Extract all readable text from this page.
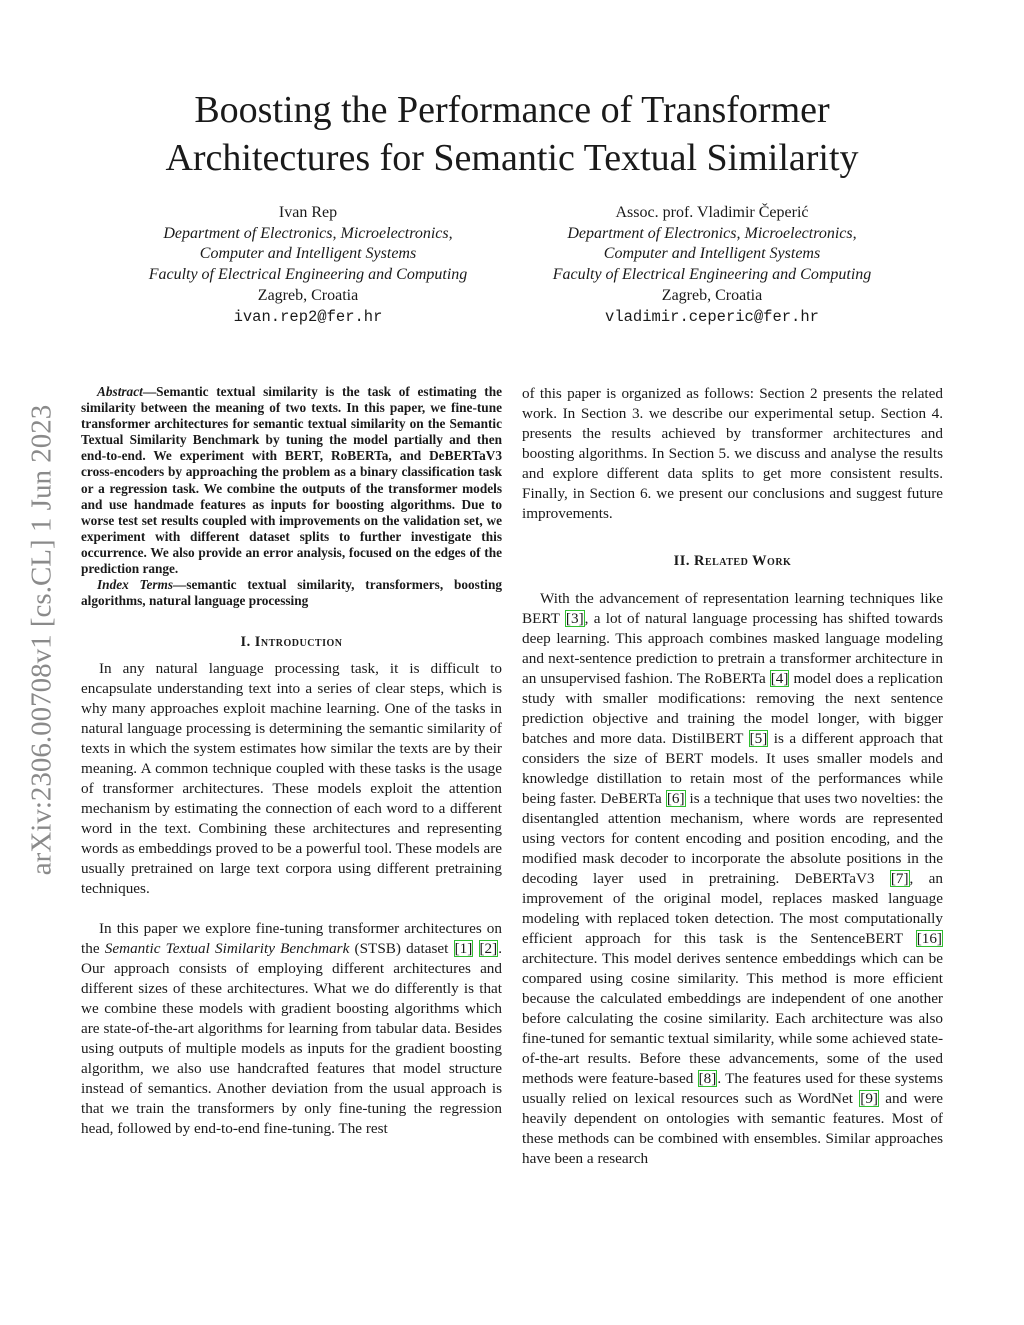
arXiv:2306.00708v1 [cs.CL] 1 Jun 2023
Boosting the Performance of Transformer
Architectures for Semantic Textual Similarity
Ivan Rep
Department of Electronics, Microelectronics,
Computer and Intelligent Systems
Faculty of Electrical Engineering and Computing
Zagreb, Croatia
ivan.rep2@fer.hr
Assoc. prof. Vladimir Čeperić
Department of Electronics, Microelectronics,
Computer and Intelligent Systems
Faculty of Electrical Engineering and Computing
Zagreb, Croatia
vladimir.ceperic@fer.hr

Abstract—Semantic textual similarity is the task of estimating the similarity between the meaning of two texts. In this paper, we fine-tune transformer architectures for semantic textual similarity on the Semantic Textual Similarity Benchmark by tuning the model partially and then end-to-end. We experiment with BERT, RoBERTa, and DeBERTaV3 cross-encoders by approaching the problem as a binary classification task or a regression task. We combine the outputs of the transformer models and use handmade features as inputs for boosting algorithms. Due to worse test set results coupled with improvements on the validation set, we experiment with different dataset splits to further investigate this occurrence. We also provide an error analysis, focused on the edges of the prediction range.

Index Terms—semantic textual similarity, transformers, boosting algorithms, natural language processing

I. Introduction

In any natural language processing task, it is difficult to encapsulate understanding text into a series of clear steps, which is why many approaches exploit machine learning. One of the tasks in natural language processing is determining the semantic similarity of texts in which the system estimates how similar the texts are by their meaning. A common technique coupled with these tasks is the usage of transformer architectures. These models exploit the attention mechanism by estimating the connection of each word to a different word in the text. Combining these architectures and representing words as embeddings proved to be a powerful tool. These models are usually pretrained on large text corpora using different pretraining techniques.

In this paper we explore fine-tuning transformer architectures on the Semantic Textual Similarity Benchmark (STSB) dataset [1] [2]. Our approach consists of employing different architectures and different sizes of these architectures. What we do differently is that we combine these models with gradient boosting algorithms which are state-of-the-art algorithms for learning from tabular data. Besides using outputs of multiple models as inputs for the gradient boosting algorithm, we also use handcrafted features that model structure instead of semantics. Another deviation from the usual approach is that we train the transformers by only fine-tuning the regression head, followed by end-to-end fine-tuning. The rest

of this paper is organized as follows: Section 2 presents the related work. In Section 3. we describe our experimental setup. Section 4. presents the results achieved by transformer architectures and boosting algorithms. In Section 5. we discuss and analyse the results and explore different data splits to get more consistent results. Finally, in Section 6. we present our conclusions and suggest future improvements.

II. Related Work

With the advancement of representation learning techniques like BERT [3], a lot of natural language processing has shifted towards deep learning. This approach combines masked language modeling and next-sentence prediction to pretrain a transformer architecture in an unsupervised fashion. The RoBERTa [4] model does a replication study with smaller modifications: removing the next sentence prediction objective and training the model longer, with bigger batches and more data. DistilBERT [5] is a different approach that considers the size of BERT models. It uses smaller models and knowledge distillation to retain most of the performances while being faster. DeBERTa [6] is a technique that uses two novelties: the disentangled attention mechanism, where words are represented using vectors for content encoding and position encoding, and the modified mask decoder to incorporate the absolute positions in the decoding layer used in pretraining. DeBERTaV3 [7], an improvement of the original model, replaces masked language modeling with replaced token detection. The most computationally efficient approach for this task is the SentenceBERT [16] architecture. This model derives sentence embeddings which can be compared using cosine similarity. This method is more efficient because the calculated embeddings are independent of one another before calculating the cosine similarity. Each architecture was also fine-tuned for semantic textual similarity, while some achieved state-of-the-art results. Before these advancements, some of the used methods were feature-based [8]. The features used for these systems usually relied on lexical resources such as WordNet [9] and were heavily dependent on ontologies with semantic features. Most of these methods can be combined with ensembles. Similar approaches have been a research
